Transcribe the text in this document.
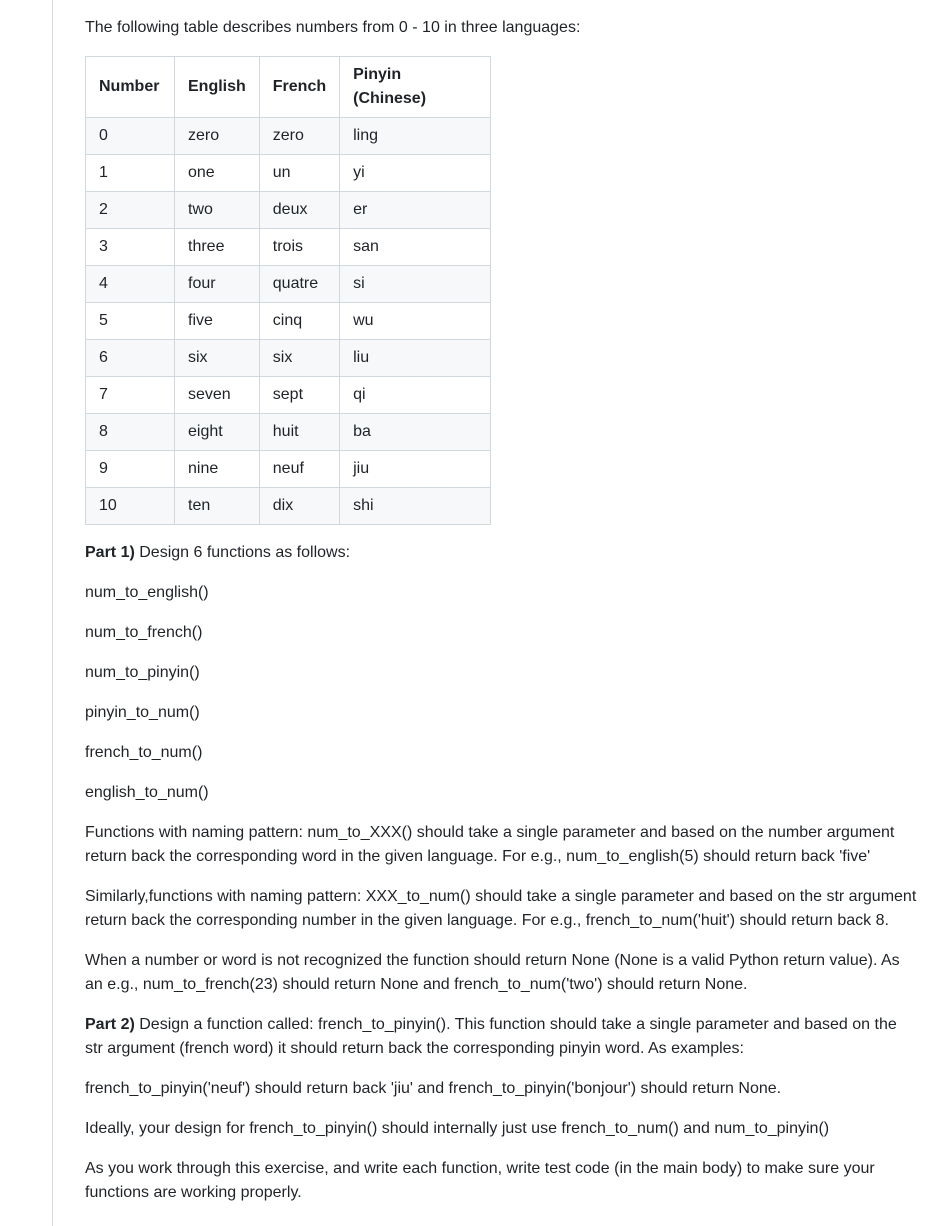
The following table describes numbers from 0 - 10 in three languages:

Number	English	French	Pinyin (Chinese)
0	zero	zero	ling
1	one	un	yi
2	two	deux	er
3	three	trois	san
4	four	quatre	si
5	five	cinq	wu
6	six	six	liu
7	seven	sept	qi
8	eight	huit	ba
9	nine	neuf	jiu
10	ten	dix	shi

Part 1) Design 6 functions as follows:

num_to_english()

num_to_french()

num_to_pinyin()

pinyin_to_num()

french_to_num()

english_to_num()

Functions with naming pattern: num_to_XXX() should take a single parameter and based on the number argument return back the corresponding word in the given language. For e.g., num_to_english(5) should return back 'five'

Similarly,functions with naming pattern: XXX_to_num() should take a single parameter and based on the str argument return back the corresponding number in the given language. For e.g., french_to_num('huit') should return back 8.

When a number or word is not recognized the function should return None (None is a valid Python return value). As an e.g., num_to_french(23) should return None and french_to_num('two') should return None.

Part 2) Design a function called: french_to_pinyin(). This function should take a single parameter and based on the str argument (french word) it should return back the corresponding pinyin word. As examples:

french_to_pinyin('neuf') should return back 'jiu' and french_to_pinyin('bonjour') should return None.

Ideally, your design for french_to_pinyin() should internally just use french_to_num() and num_to_pinyin()

As you work through this exercise, and write each function, write test code (in the main body) to make sure your functions are working properly.
